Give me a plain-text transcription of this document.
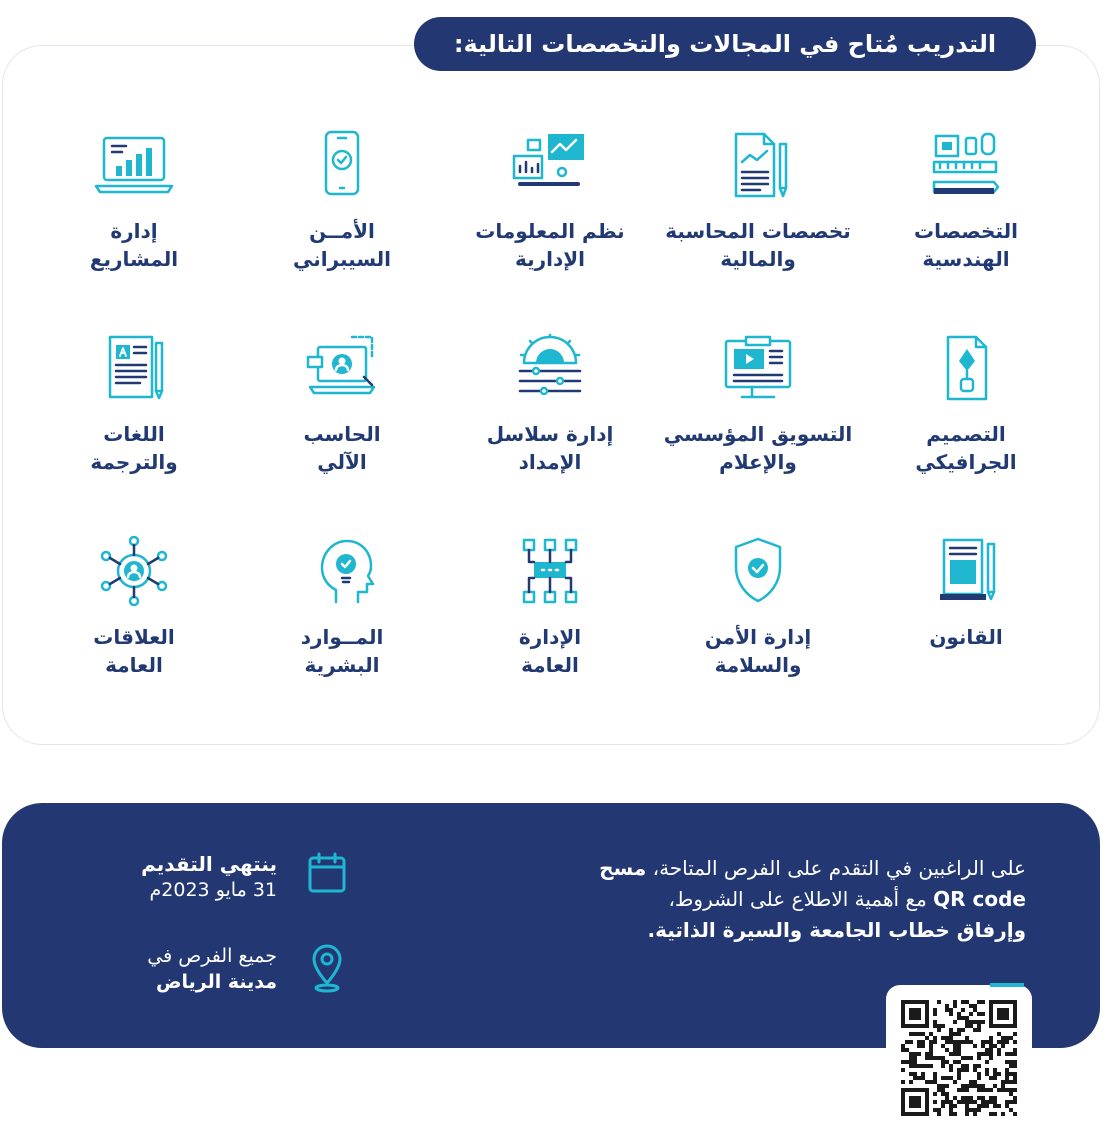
التدريب مُتاح في المجالات والتخصصات التالية:
التخصصات
الهندسية
تخصصات المحاسبة
والمالية
نظم المعلومات
الإدارية
الأمــن
السيبراني
إدارة
المشاريع
التصميم
الجرافيكي
التسويق المؤسسي
والإعلام
إدارة سلاسل
الإمداد
الحاسب
الآلي
اللغات
والترجمة
القانون
إدارة الأمن
والسلامة
الإدارة
العامة
المــوارد
البشرية
العلاقات
العامة
على الراغبين في التقدم على الفرص المتاحة، مسح
QR code مع أهمية الاطلاع على الشروط،
وإرفاق خطاب الجامعة والسيرة الذاتية.
ينتهي التقديم
31 مايو 2023م
جميع الفرص في
مدينة الرياض
